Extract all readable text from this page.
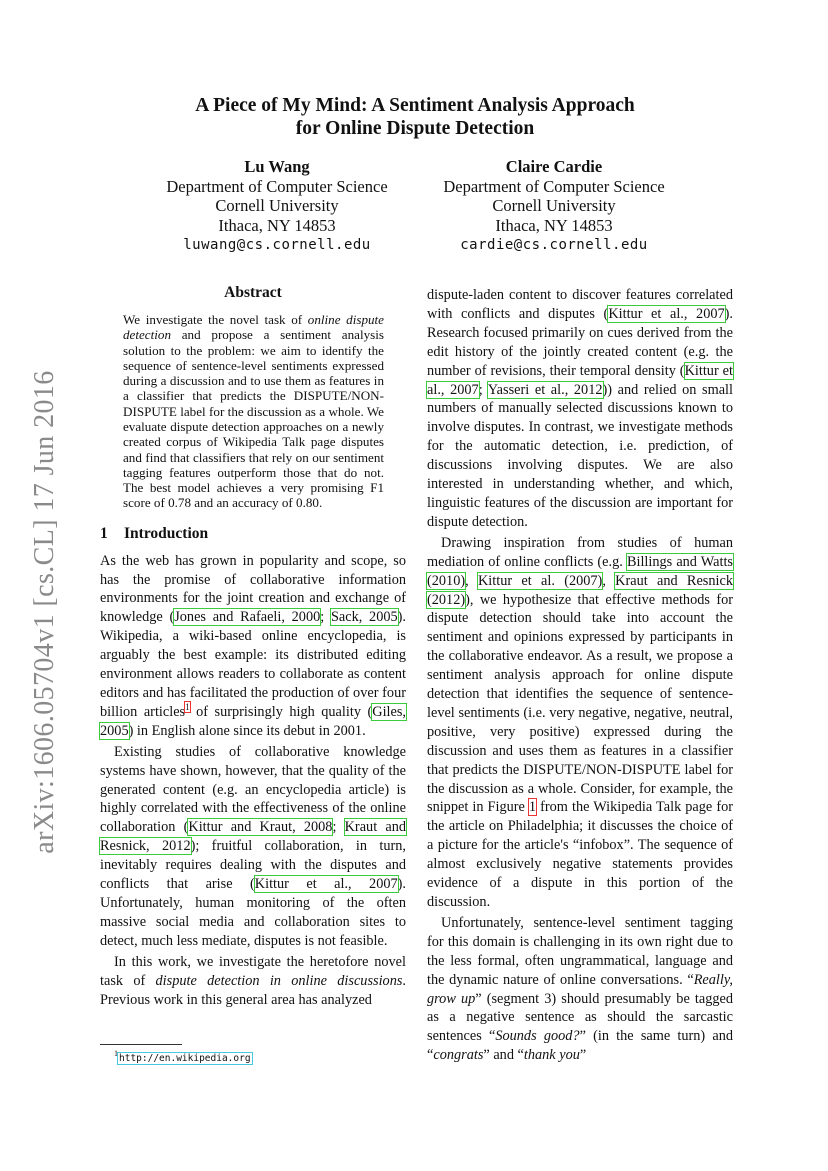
arXiv:1606.05704v1 [cs.CL] 17 Jun 2016
A Piece of My Mind: A Sentiment Analysis Approach
for Online Dispute Detection
Lu Wang
Department of Computer Science
Cornell University
Ithaca, NY 14853
luwang@cs.cornell.edu
Claire Cardie
Department of Computer Science
Cornell University
Ithaca, NY 14853
cardie@cs.cornell.edu
Abstract

We investigate the novel task of online dispute detection and propose a sentiment analysis solution to the problem: we aim to identify the sequence of sentence-level sentiments expressed during a discussion and to use them as features in a classifier that predicts the DISPUTE/NON-DISPUTE label for the discussion as a whole. We evaluate dispute detection approaches on a newly created corpus of Wikipedia Talk page disputes and find that classifiers that rely on our sentiment tagging features outperform those that do not. The best model achieves a very promising F1 score of 0.78 and an accuracy of 0.80.

1 Introduction

As the web has grown in popularity and scope, so has the promise of collaborative information environments for the joint creation and exchange of knowledge (Jones and Rafaeli, 2000; Sack, 2005). Wikipedia, a wiki-based online encyclopedia, is arguably the best example: its distributed editing environment allows readers to collaborate as content editors and has facilitated the production of over four billion articles$^1$ of surprisingly high quality (Giles, 2005) in English alone since its debut in 2001.

Existing studies of collaborative knowledge systems have shown, however, that the quality of the generated content (e.g. an encyclopedia article) is highly correlated with the effectiveness of the online collaboration (Kittur and Kraut, 2008; Kraut and Resnick, 2012); fruitful collaboration, in turn, inevitably requires dealing with the disputes and conflicts that arise (Kittur et al., 2007). Unfortunately, human monitoring of the often massive social media and collaboration sites to detect, much less mediate, disputes is not feasible.

In this work, we investigate the heretofore novel task of dispute detection in online discussions. Previous work in this general area has analyzed

dispute-laden content to discover features correlated with conflicts and disputes (Kittur et al., 2007). Research focused primarily on cues derived from the edit history of the jointly created content (e.g. the number of revisions, their temporal density (Kittur et al., 2007; Yasseri et al., 2012)) and relied on small numbers of manually selected discussions known to involve disputes. In contrast, we investigate methods for the automatic detection, i.e. prediction, of discussions involving disputes. We are also interested in understanding whether, and which, linguistic features of the discussion are important for dispute detection.

Drawing inspiration from studies of human mediation of online conflicts (e.g. Billings and Watts (2010), Kittur et al. (2007), Kraut and Resnick (2012)), we hypothesize that effective methods for dispute detection should take into account the sentiment and opinions expressed by participants in the collaborative endeavor. As a result, we propose a sentiment analysis approach for online dispute detection that identifies the sequence of sentence-level sentiments (i.e. very negative, negative, neutral, positive, very positive) expressed during the discussion and uses them as features in a classifier that predicts the DISPUTE/NON-DISPUTE label for the discussion as a whole. Consider, for example, the snippet in Figure 1 from the Wikipedia Talk page for the article on Philadelphia; it discusses the choice of a picture for the article's “infobox”. The sequence of almost exclusively negative statements provides evidence of a dispute in this portion of the discussion.

Unfortunately, sentence-level sentiment tagging for this domain is challenging in its own right due to the less formal, often ungrammatical, language and the dynamic nature of online conversations. “Really, grow up” (segment 3) should presumably be tagged as a negative sentence as should the sarcastic sentences “Sounds good?” (in the same turn) and “congrats” and “thank you”

$^1$http://en.wikipedia.org
